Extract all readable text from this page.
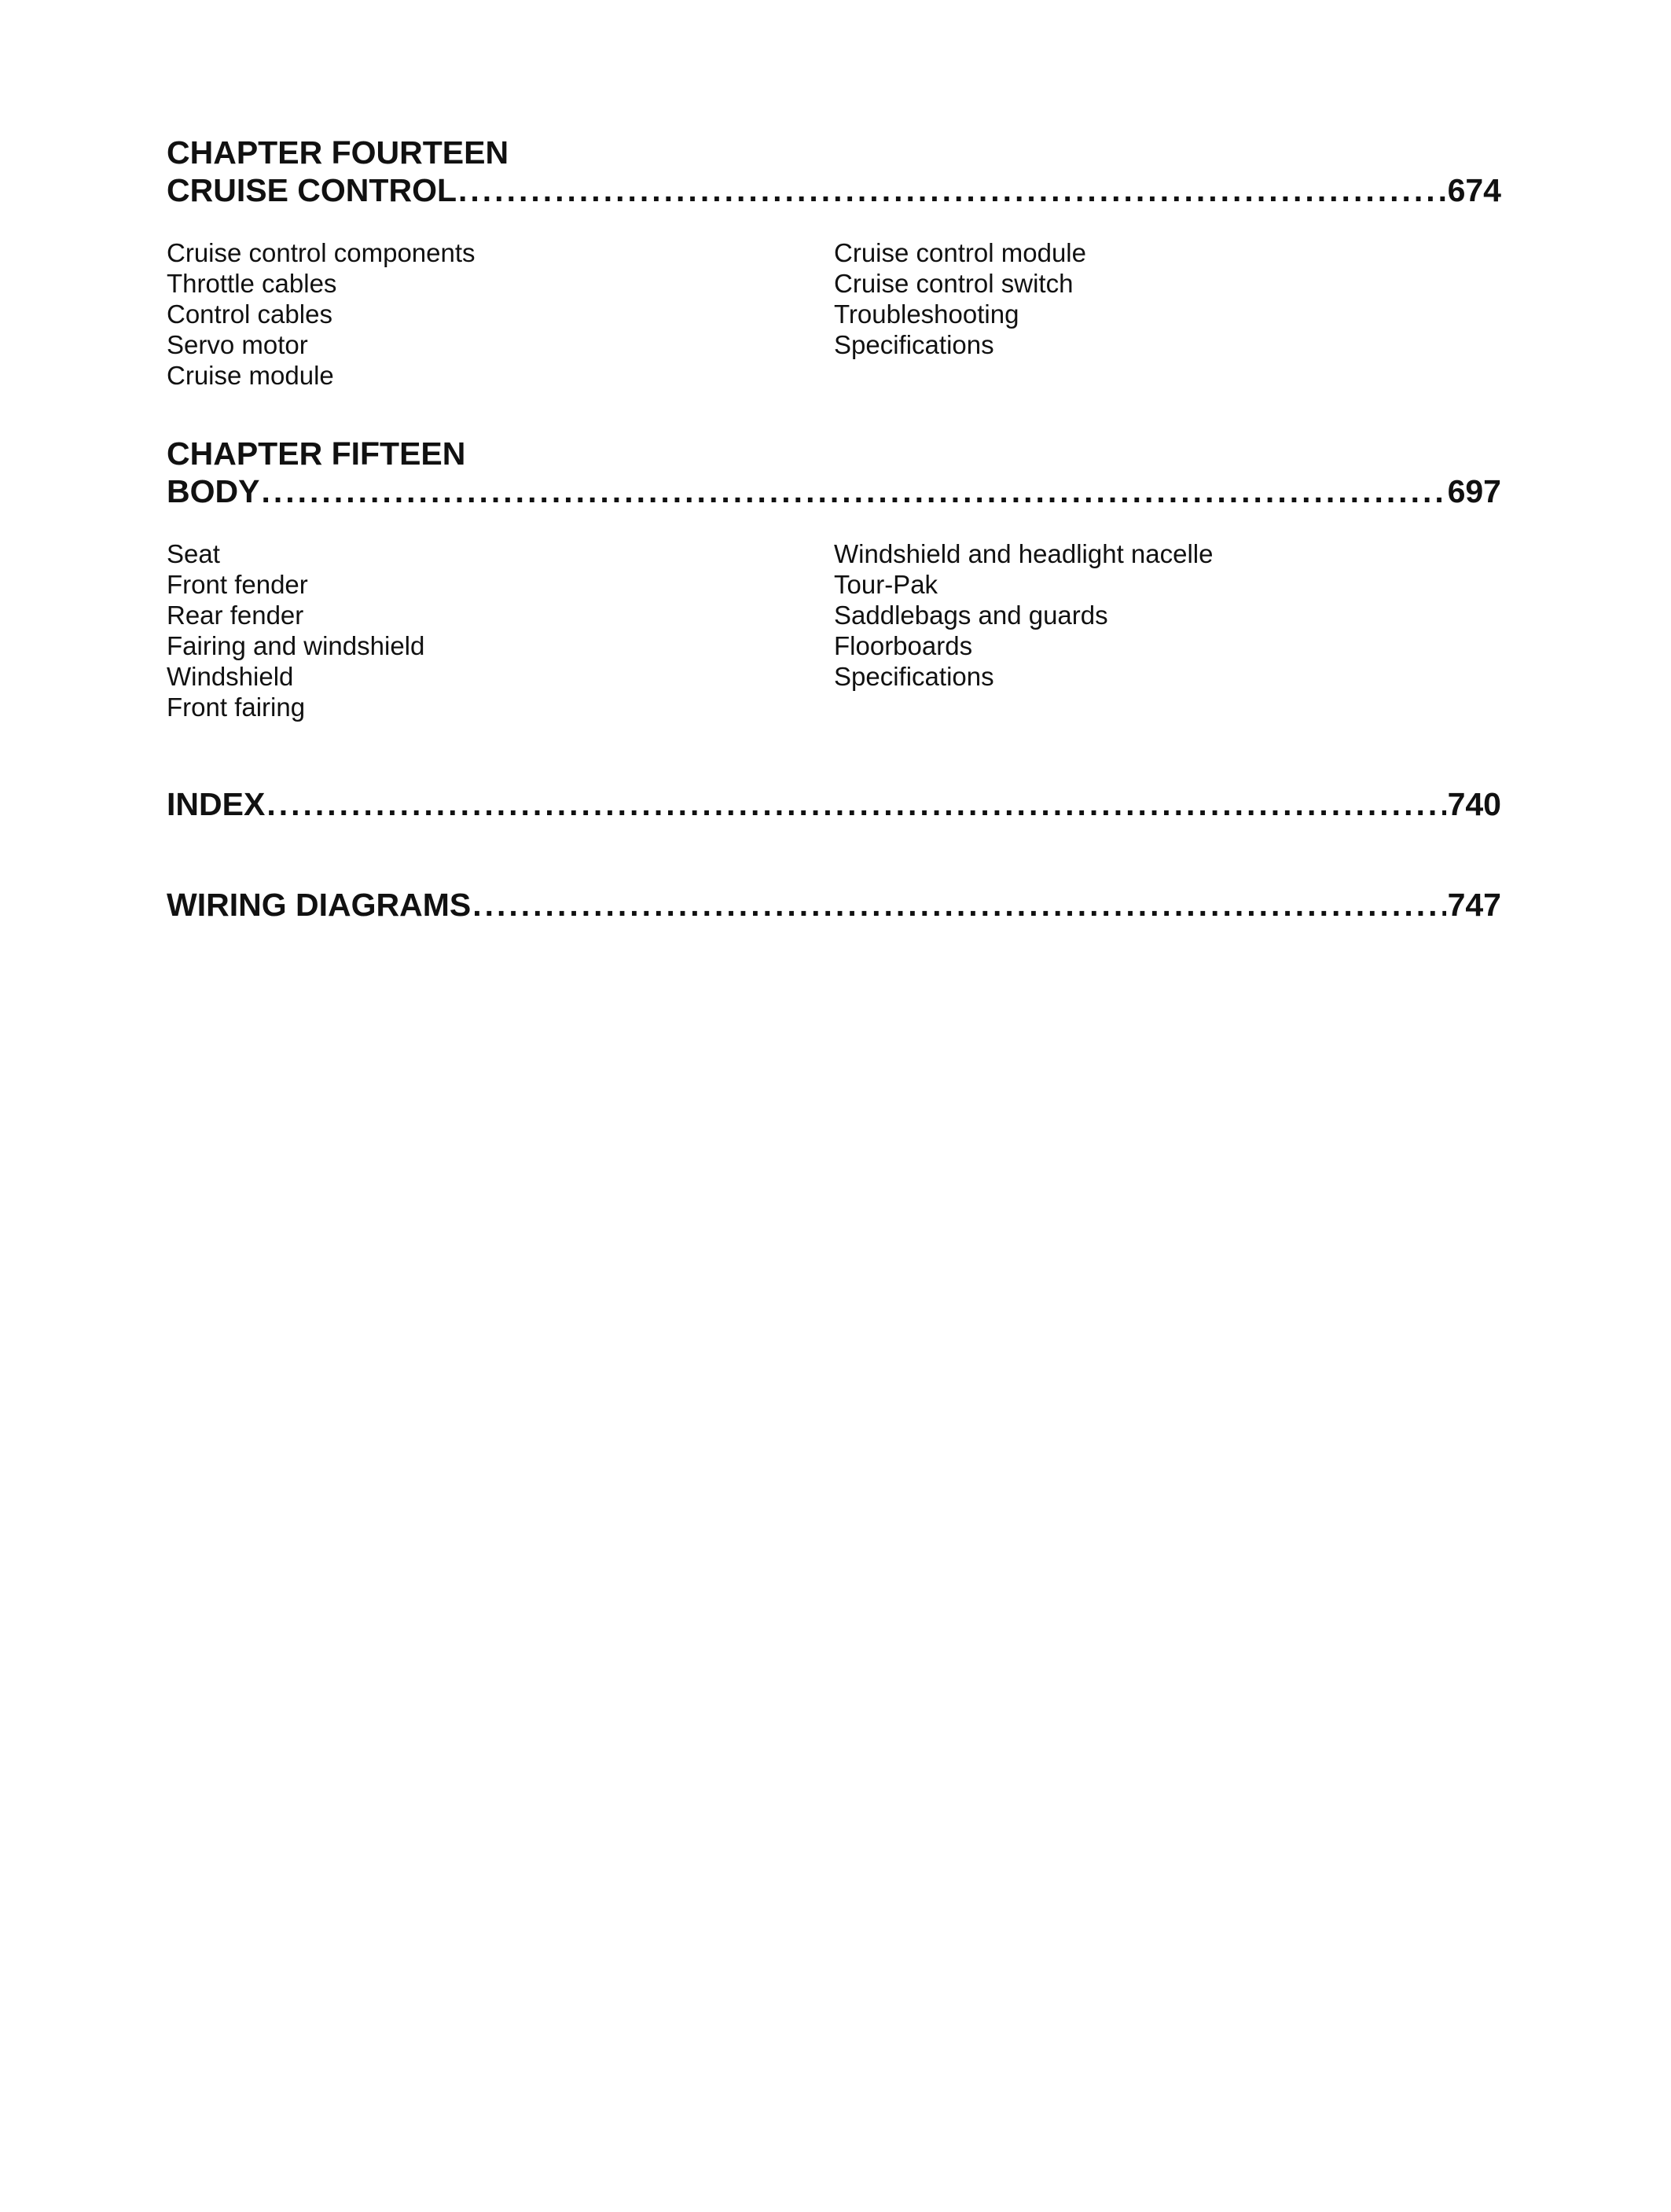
CHAPTER FOURTEEN
CRUISE CONTROL .....	674
Cruise control components
Throttle cables
Control cables
Servo motor
Cruise module
Cruise control module
Cruise control switch
Troubleshooting
Specifications
CHAPTER FIFTEEN
BODY .....	697
Seat
Front fender
Rear fender
Fairing and windshield
Windshield
Front fairing
Windshield and headlight nacelle
Tour-Pak
Saddlebags and guards
Floorboards
Specifications
INDEX .....	740
WIRING DIAGRAMS .....	747
